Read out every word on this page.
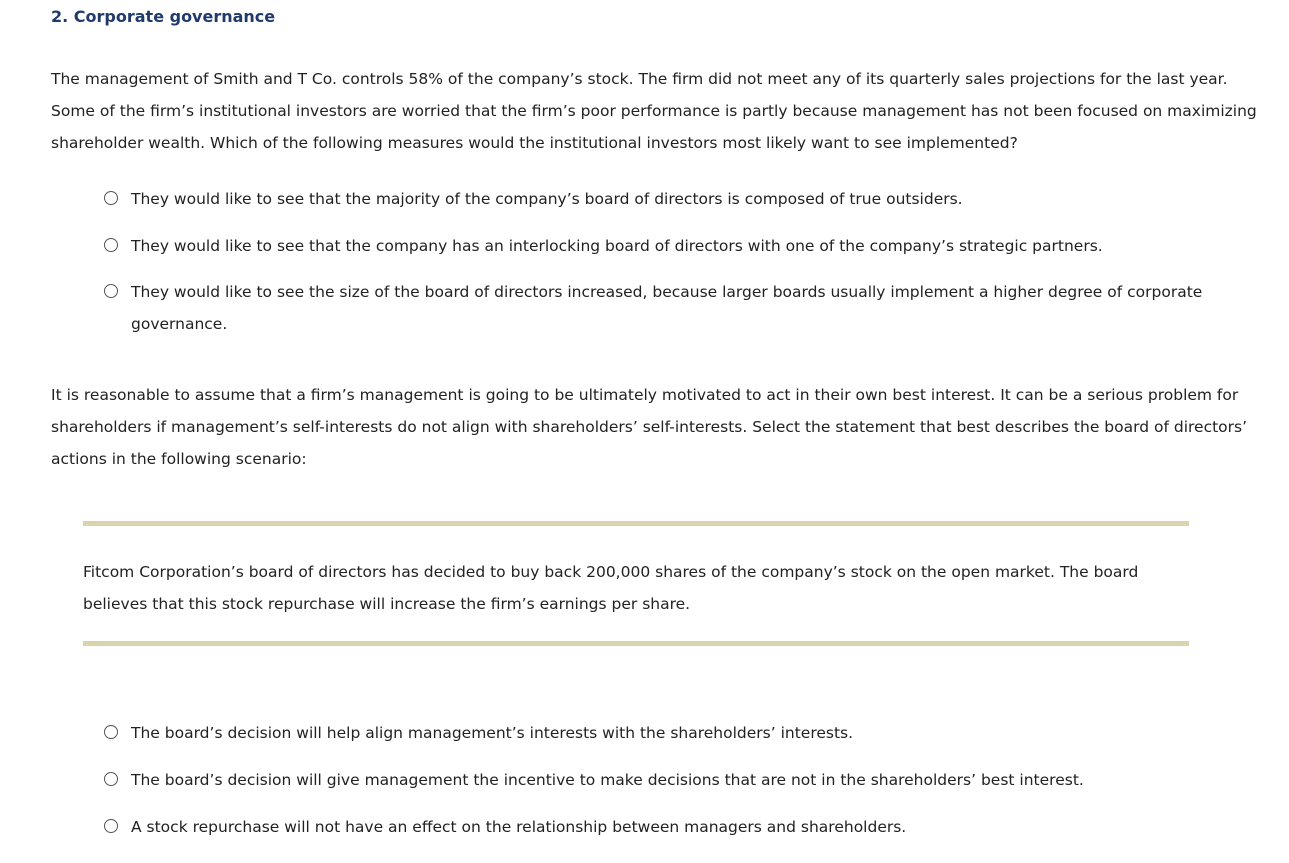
2. Corporate governance

The management of Smith and T Co. controls 58% of the company’s stock. The firm did not meet any of its quarterly sales projections for the last year. Some of the firm’s institutional investors are worried that the firm’s poor performance is partly because management has not been focused on maximizing shareholder wealth. Which of the following measures would the institutional investors most likely want to see implemented?

They would like to see that the majority of the company’s board of directors is composed of true outsiders.
They would like to see that the company has an interlocking board of directors with one of the company’s strategic partners.
They would like to see the size of the board of directors increased, because larger boards usually implement a higher degree of corporate governance.

It is reasonable to assume that a firm’s management is going to be ultimately motivated to act in their own best interest. It can be a serious problem for shareholders if management’s self-interests do not align with shareholders’ self-interests. Select the statement that best describes the board of directors’ actions in the following scenario:

Fitcom Corporation’s board of directors has decided to buy back 200,000 shares of the company’s stock on the open market. The board believes that this stock repurchase will increase the firm’s earnings per share.

The board’s decision will help align management’s interests with the shareholders’ interests.
The board’s decision will give management the incentive to make decisions that are not in the shareholders’ best interest.
A stock repurchase will not have an effect on the relationship between managers and shareholders.
